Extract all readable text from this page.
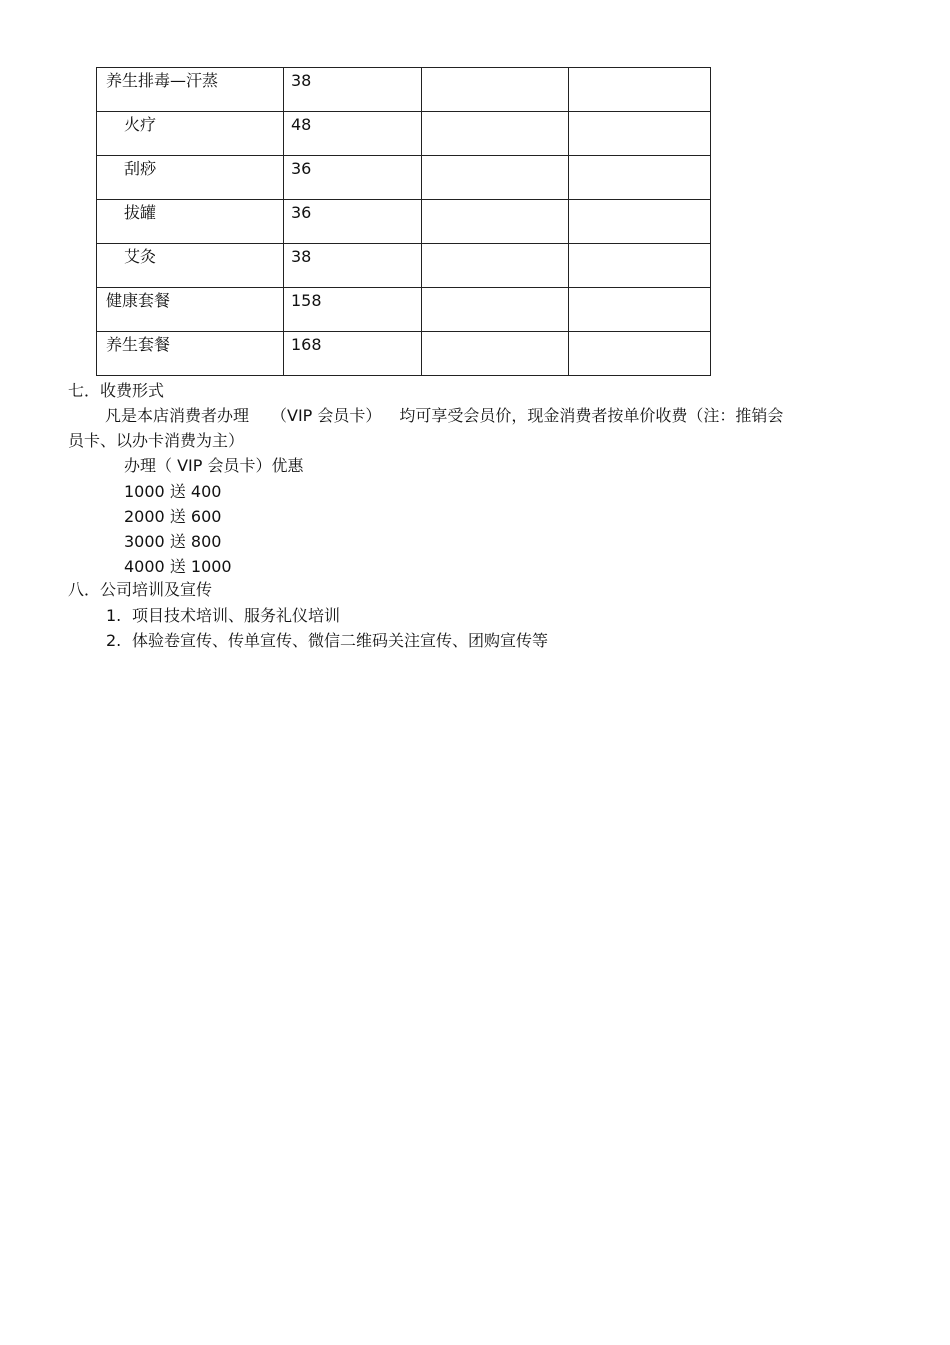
养生排毒—汗蒸	38		

火疗	48		

刮痧	36		

拔罐	36		

艾灸	38		

健康套餐	158		

养生套餐	168		

七．收费形式
凡是本店消费者办理 （VIP 会员卡） 均可享受会员价，现金消费者按单价收费（注：推销会
员卡、以办卡消费为主）
办理（ VIP 会员卡）优惠
1000 送 400
2000 送 600
3000 送 800
4000 送 1000
八．公司培训及宣传
1. 项目技术培训、服务礼仪培训
2. 体验卷宣传、传单宣传、微信二维码关注宣传、团购宣传等
